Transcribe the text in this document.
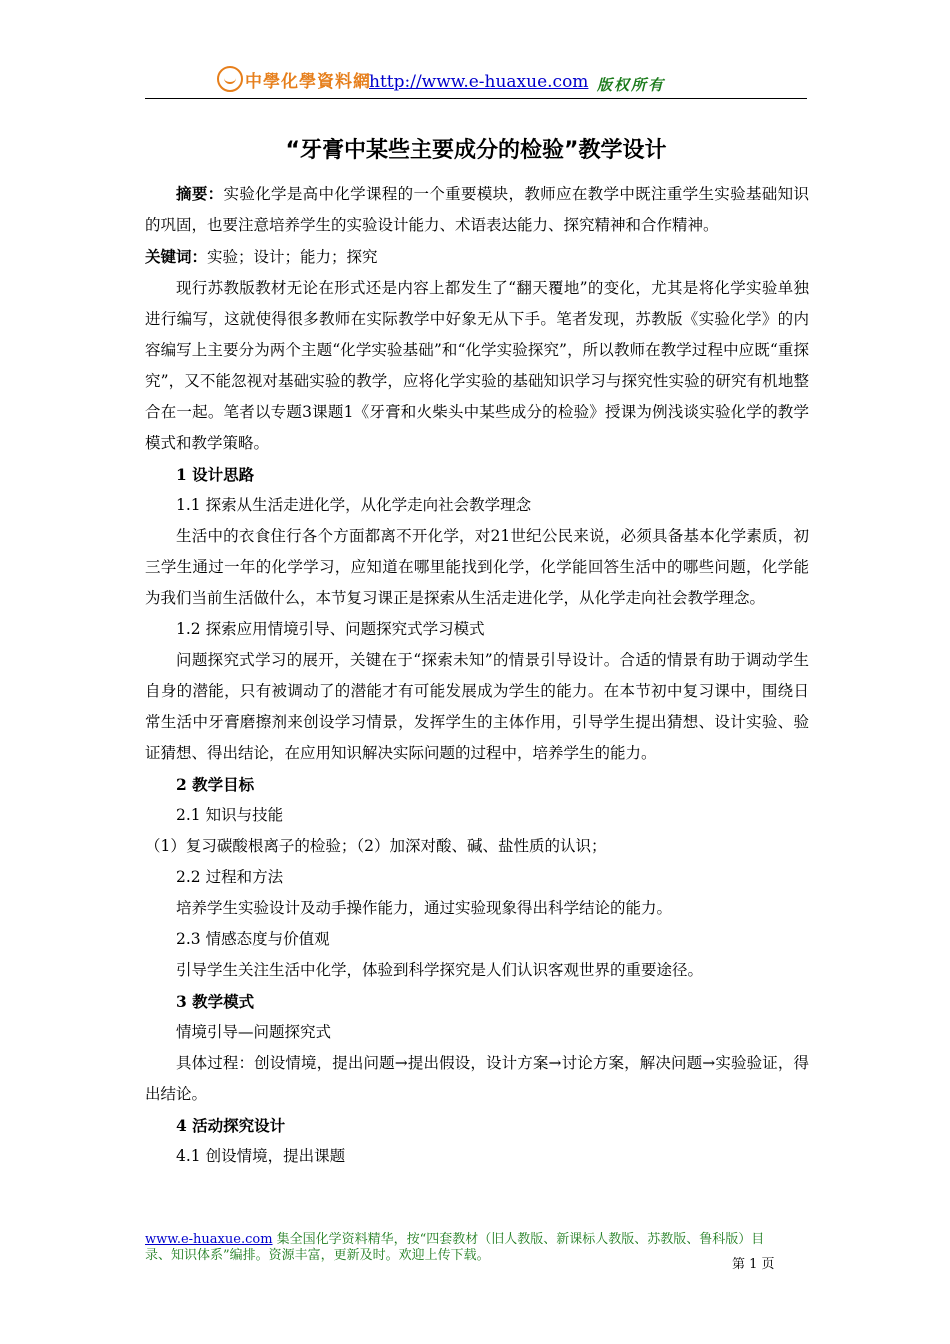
中學化學資料網
http://www.e-huaxue.com 版权所有
“牙膏中某些主要成分的检验”教学设计

摘要：实验化学是高中化学课程的一个重要模块，教师应在教学中既注重学生实验基础知识的巩固，也要注意培养学生的实验设计能力、术语表达能力、探究精神和合作精神。

关键词：实验；设计；能力；探究

现行苏教版教材无论在形式还是内容上都发生了“翻天覆地”的变化，尤其是将化学实验单独进行编写，这就使得很多教师在实际教学中好象无从下手。笔者发现，苏教版《实验化学》的内容编写上主要分为两个主题“化学实验基础”和“化学实验探究”，所以教师在教学过程中应既“重探究”，又不能忽视对基础实验的教学，应将化学实验的基础知识学习与探究性实验的研究有机地整合在一起。笔者以专题3课题1《牙膏和火柴头中某些成分的检验》授课为例浅谈实验化学的教学模式和教学策略。

1 设计思路

1.1 探索从生活走进化学，从化学走向社会教学理念

生活中的衣食住行各个方面都离不开化学，对21世纪公民来说，必须具备基本化学素质，初三学生通过一年的化学学习，应知道在哪里能找到化学，化学能回答生活中的哪些问题，化学能为我们当前生活做什么，本节复习课正是探索从生活走进化学，从化学走向社会教学理念。

1.2 探索应用情境引导、问题探究式学习模式

问题探究式学习的展开，关键在于“探索未知”的情景引导设计。合适的情景有助于调动学生自身的潜能，只有被调动了的潜能才有可能发展成为学生的能力。在本节初中复习课中，围绕日常生活中牙膏磨擦剂来创设学习情景，发挥学生的主体作用，引导学生提出猜想、设计实验、验证猜想、得出结论，在应用知识解决实际问题的过程中，培养学生的能力。

2 教学目标

2.1 知识与技能

（1）复习碳酸根离子的检验；（2）加深对酸、碱、盐性质的认识；

2.2 过程和方法

培养学生实验设计及动手操作能力，通过实验现象得出科学结论的能力。

2.3 情感态度与价值观

引导学生关注生活中化学，体验到科学探究是人们认识客观世界的重要途径。

3 教学模式

情境引导—问题探究式

具体过程：创设情境，提出问题→提出假设，设计方案→讨论方案，解决问题→实验验证，得出结论。

4 活动探究设计

4.1 创设情境，提出课题

www.e-huaxue.com 集全国化学资料精华，按“四套教材（旧人教版、新课标人教版、苏教版、鲁科版）目录、知识体系”编排。资源丰富，更新及时。欢迎上传下载。
第 1 页
